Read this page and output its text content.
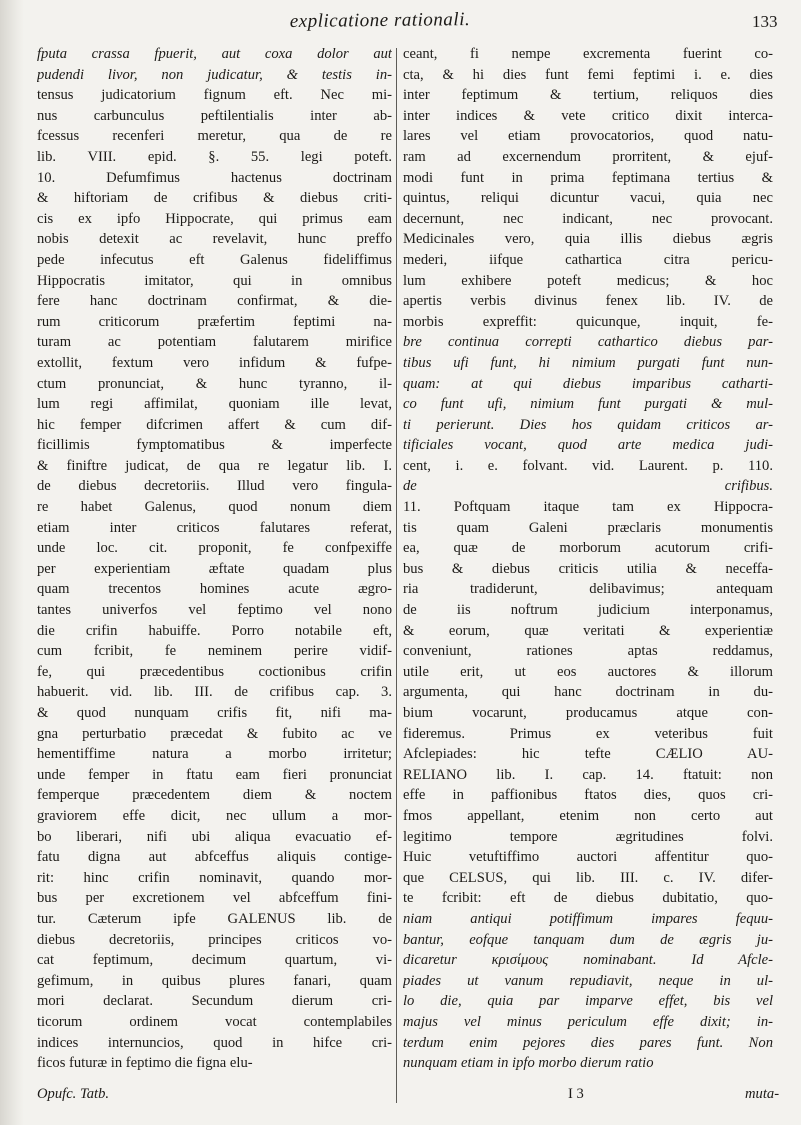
explicatione rationali.	133
fputa crassa fpuerit, aut coxa dolor aut
pudendi livor, non judicatur, & testis in-
tensus judicatorium fignum eft. Nec mi-
nus carbunculus peftilentialis inter ab-
fcessus recenferi meretur, qua de re
lib. VIII. epid. §. 55. legi poteft.
10. Defumfimus hactenus doctrinam
& hiftoriam de crifibus & diebus criti-
cis ex ipfo Hippocrate, qui primus eam
nobis detexit ac revelavit, hunc preffo
pede infecutus eft Galenus fideliffimus
Hippocratis imitator, qui in omnibus
fere hanc doctrinam confirmat, & die-
rum criticorum præfertim feptimi na-
turam ac potentiam falutarem mirifice
extollit, fextum vero infidum & fufpe-
ctum pronunciat, & hunc tyranno, il-
lum regi affimilat, quoniam ille levat,
hic femper difcrimen affert & cum dif-
ficillimis fymptomatibus & imperfecte
& finiftre judicat, de qua re legatur lib. I.
de diebus decretoriis. Illud vero fingula-
re habet Galenus, quod nonum diem
etiam inter criticos falutares referat,
unde loc. cit. proponit, fe confpexiffe
per experientiam æftate quadam plus
quam trecentos homines acute ægro-
tantes univerfos vel feptimo vel nono
die crifin habuiffe. Porro notabile eft,
cum fcribit, fe neminem perire vidif-
fe, qui præcedentibus coctionibus crifin
habuerit. vid. lib. III. de crifibus cap. 3.
& quod nunquam crifis fit, nifi ma-
gna perturbatio præcedat & fubito ac ve
hementiffime natura a morbo irritetur;
unde femper in ftatu eam fieri pronunciat
femperque præcedentem diem & noctem
graviorem effe dicit, nec ullum a mor-
bo liberari, nifi ubi aliqua evacuatio ef-
fatu digna aut abfceffus aliquis contige-
rit: hinc crifin nominavit, quando mor-
bus per excretionem vel abfceffum fini-
tur. Cæterum ipfe GALENUS lib. de
diebus decretoriis, principes criticos vo-
cat feptimum, decimum quartum, vi-
gefimum, in quibus plures fanari, quam
mori declarat. Secundum dierum cri-
ticorum ordinem vocat contemplabiles
indices internuncios, quod in hifce cri-
ficos futuræ in feptimo die figna elu-
ceant, fi nempe excrementa fuerint co-
cta, & hi dies funt femi feptimi i. e. dies
inter feptimum & tertium, reliquos dies
inter indices & vete critico dixit interca-
lares vel etiam provocatorios, quod natu-
ram ad excernendum prorritent, & ejuf-
modi funt in prima feptimana tertius &
quintus, reliqui dicuntur vacui, quia nec
decernunt, nec indicant, nec provocant.
Medicinales vero, quia illis diebus ægris
mederi, iifque cathartica citra pericu-
lum exhibere poteft medicus; & hoc
apertis verbis divinus fenex lib. IV. de
morbis expreffit: quicunque, inquit, fe-
bre continua correpti cathartico diebus par-
tibus ufi funt, hi nimium purgati funt nun-
quam: at qui diebus imparibus catharti-
co funt ufi, nimium funt purgati & mul-
ti perierunt. Dies hos quidam criticos ar-
tificiales vocant, quod arte medica judi-
cent, i. e. folvant. vid. Laurent. p. 110.
de crifibus.
11. Poftquam itaque tam ex Hippocra-
tis quam Galeni præclaris monumentis
ea, quæ de morborum acutorum crifi-
bus & diebus criticis utilia & neceffa-
ria tradiderunt, delibavimus; antequam
de iis noftrum judicium interponamus,
& eorum, quæ veritati & experientiæ
conveniunt, rationes aptas reddamus,
utile erit, ut eos auctores & illorum
argumenta, qui hanc doctrinam in du-
bium vocarunt, producamus atque con-
fideremus. Primus ex veteribus fuit
Afclepiades: hic tefte CÆLIO AU-
RELIANO lib. I. cap. 14. ftatuit: non
effe in paffionibus ftatos dies, quos cri-
fmos appellant, etenim non certo aut
legitimo tempore ægritudines folvi.
Huic vetuftiffimo auctori affentitur quo-
que CELSUS, qui lib. III. c. IV. difer-
te fcribit: eft de diebus dubitatio, quo-
niam antiqui potiffimum impares fequu-
bantur, eofque tanquam dum de ægris ju-
dicaretur κρισίμους nominabant. Id Afcle-
piades ut vanum repudiavit, neque in ul-
lo die, quia par imparve effet, bis vel
majus vel minus periculum effe dixit; in-
terdum enim pejores dies pares funt. Non
nunquam etiam in ipfo morbo dierum ratio
Opufc. Tatb.	I 3	muta-
